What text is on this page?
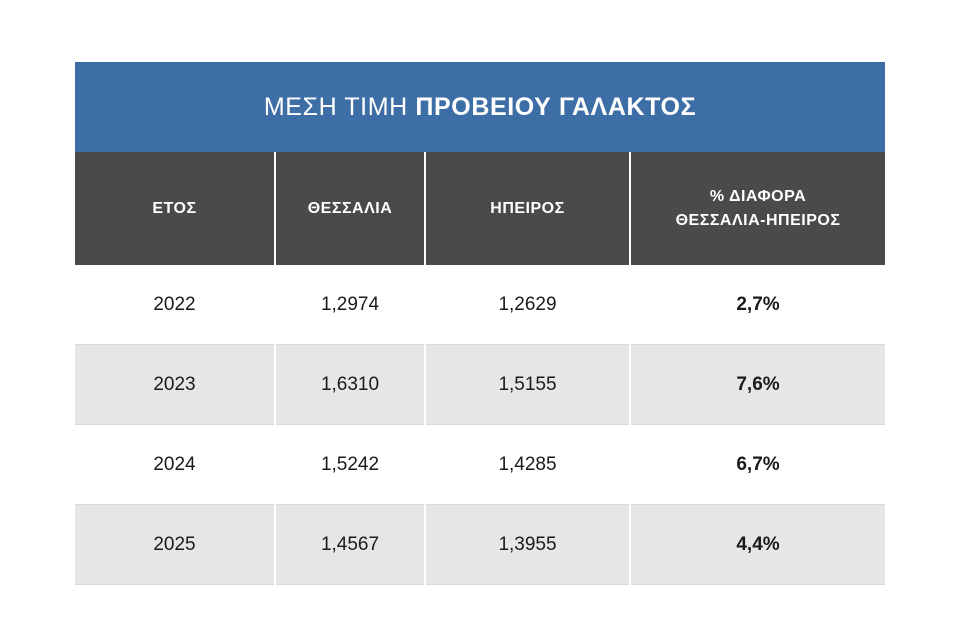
ΜΕΣΗ ΤΙΜΗ ΠΡΟΒΕΙΟΥ ΓΑΛΑΚΤΟΣ			
ΕΤΟΣ	ΘΕΣΣΑΛΙΑ	ΗΠΕΙΡΟΣ	% ΔΙΑΦΟΡΑ
ΘΕΣΣΑΛΙΑ-ΗΠΕΙΡΟΣ

2022	1,2974	1,2629	2,7%
2023	1,6310	1,5155	7,6%
2024	1,5242	1,4285	6,7%
2025	1,4567	1,3955	4,4%
